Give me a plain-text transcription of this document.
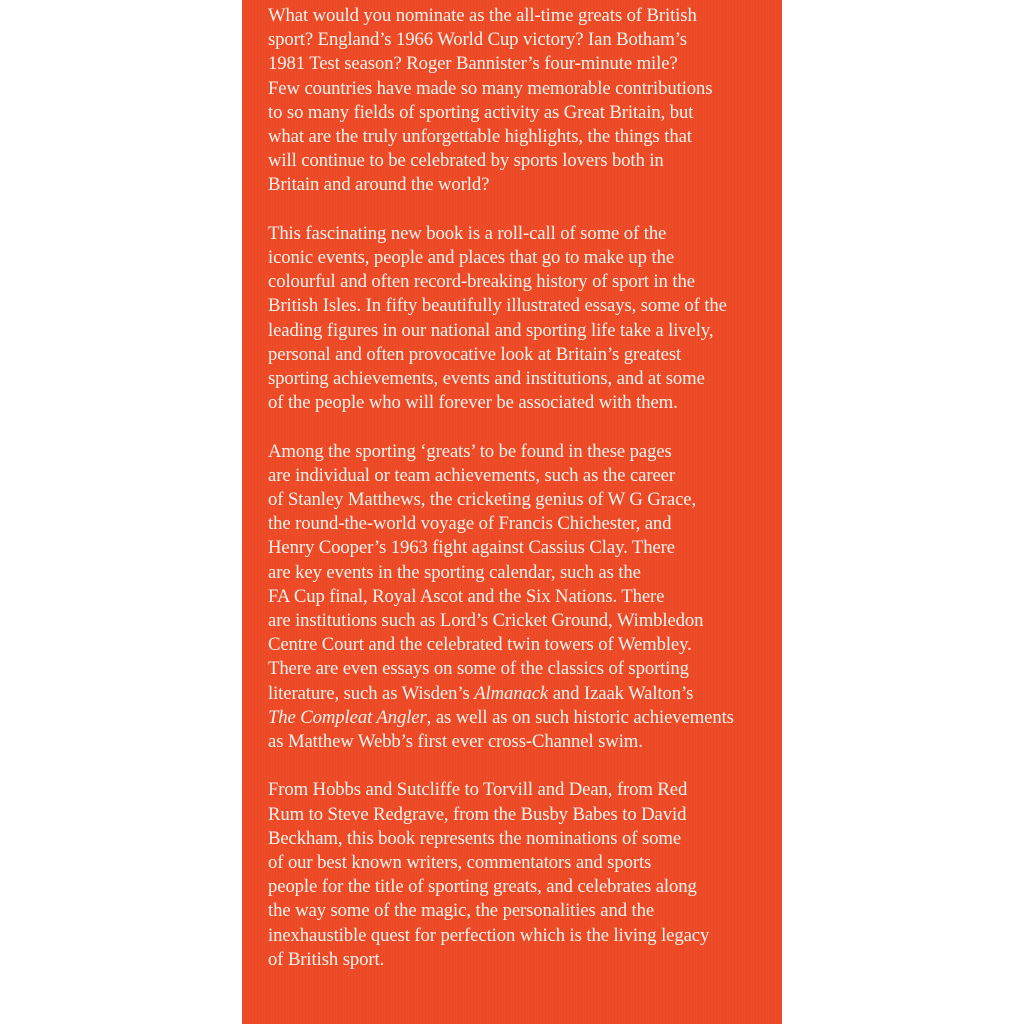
What would you nominate as the all-time greats of British
sport? England’s 1966 World Cup victory? Ian Botham’s
1981 Test season? Roger Bannister’s four-minute mile?
Few countries have made so many memorable contributions
to so many fields of sporting activity as Great Britain, but
what are the truly unforgettable highlights, the things that
will continue to be celebrated by sports lovers both in
Britain and around the world?

This fascinating new book is a roll-call of some of the
iconic events, people and places that go to make up the
colourful and often record-breaking history of sport in the
British Isles. In fifty beautifully illustrated essays, some of the
leading figures in our national and sporting life take a lively,
personal and often provocative look at Britain’s greatest
sporting achievements, events and institutions, and at some
of the people who will forever be associated with them.

Among the sporting ‘greats’ to be found in these pages
are individual or team achievements, such as the career
of Stanley Matthews, the cricketing genius of W G Grace,
the round-the-world voyage of Francis Chichester, and
Henry Cooper’s 1963 fight against Cassius Clay. There
are key events in the sporting calendar, such as the
FA Cup final, Royal Ascot and the Six Nations. There
are institutions such as Lord’s Cricket Ground, Wimbledon
Centre Court and the celebrated twin towers of Wembley.
There are even essays on some of the classics of sporting
literature, such as Wisden’s Almanack and Izaak Walton’s
The Compleat Angler, as well as on such historic achievements
as Matthew Webb’s first ever cross-Channel swim.

From Hobbs and Sutcliffe to Torvill and Dean, from Red
Rum to Steve Redgrave, from the Busby Babes to David
Beckham, this book represents the nominations of some
of our best known writers, commentators and sports
people for the title of sporting greats, and celebrates along
the way some of the magic, the personalities and the
inexhaustible quest for perfection which is the living legacy
of British sport.
